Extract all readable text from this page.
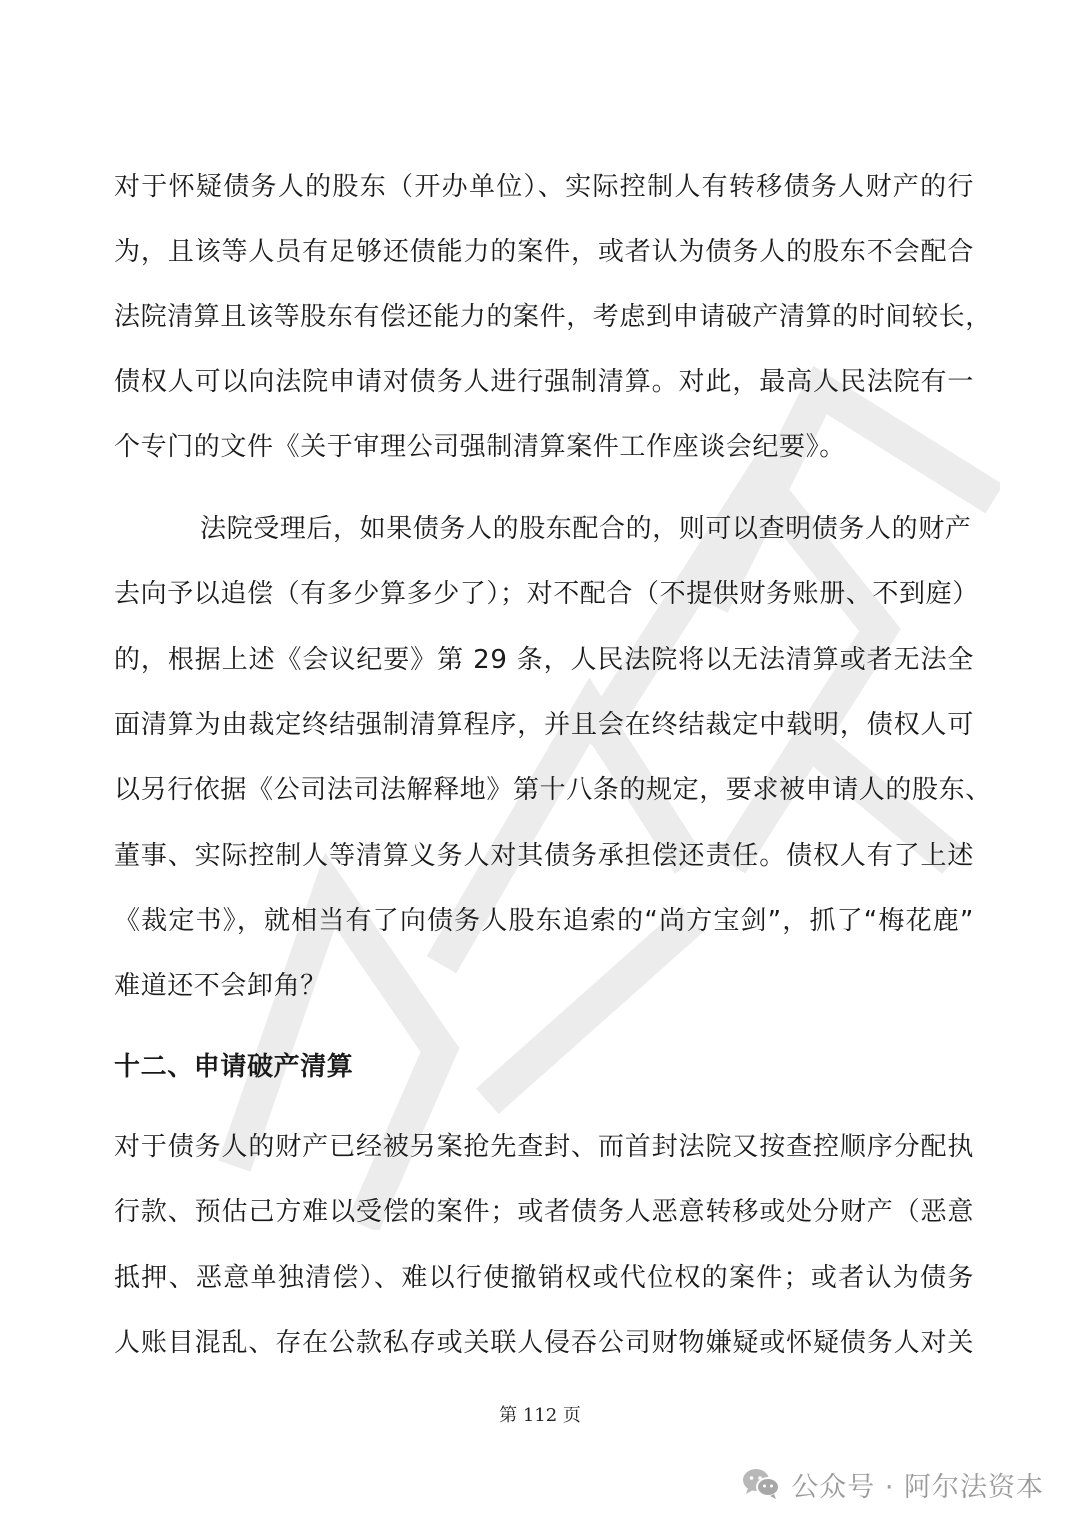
对于怀疑债务人的股东（开办单位）、实际控制人有转移债务人财产的行
为，且该等人员有足够还债能力的案件，或者认为债务人的股东不会配合
法院清算且该等股东有偿还能力的案件，考虑到申请破产清算的时间较长，
债权人可以向法院申请对债务人进行强制清算。对此，最高人民法院有一
个专门的文件《关于审理公司强制清算案件工作座谈会纪要》。
法院受理后，如果债务人的股东配合的，则可以查明债务人的财产
去向予以追偿（有多少算多少了）；对不配合（不提供财务账册、不到庭）
的，根据上述《会议纪要》第 29 条，人民法院将以无法清算或者无法全
面清算为由裁定终结强制清算程序，并且会在终结裁定中载明，债权人可
以另行依据《公司法司法解释地》第十八条的规定，要求被申请人的股东、
董事、实际控制人等清算义务人对其债务承担偿还责任。债权人有了上述
《裁定书》，就相当有了向债务人股东追索的“尚方宝剑”，抓了“梅花鹿”
难道还不会卸角？
十二、申请破产清算
对于债务人的财产已经被另案抢先查封、而首封法院又按查控顺序分配执
行款、预估己方难以受偿的案件；或者债务人恶意转移或处分财产（恶意
抵押、恶意单独清偿）、难以行使撤销权或代位权的案件；或者认为债务
人账目混乱、存在公款私存或关联人侵吞公司财物嫌疑或怀疑债务人对关
第 112 页
公众号 · 阿尔法资本
